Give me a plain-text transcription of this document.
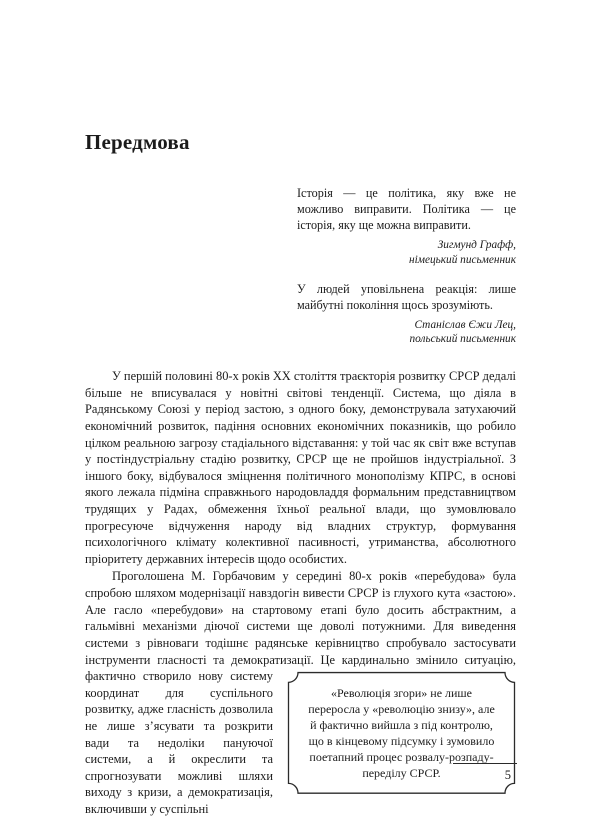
Передмова

Історія — це політика, яку вже не можливо виправити. Політика — це історія, яку ще можна виправити.

Зигмунд Графф,
німецький письменник

У людей уповільнена реакція: лише майбутні покоління щось зрозуміють.

Станіслав Єжи Лец,
польський письменник

У першій половині 80-х років XX століття траєкторія розвитку СРСР дедалі більше не вписувалася у новітні світові тенденції. Система, що діяла в Радянському Союзі у період застою, з одного боку, демонструвала затухаючий економічний розвиток, падіння основних економічних показників, що робило цілком реальною загрозу стадіального відставання: у той час як світ вже вступав у постіндустріальну стадію розвитку, СРСР ще не пройшов індустріальної. З іншого боку, відбувалося зміцнення політичного монополізму КПРС, в основі якого лежала підміна справжнього народовладдя формальним представництвом трудящих у Радах, обмеження їхньої реальної влади, що зумовлювало прогресуюче відчуження народу від владних структур, формування психологічного клімату колективної пасивності, утриманства, абсолютного пріоритету державних інтересів щодо особистих.

Проголошена М. Горбачовим у середині 80-х років «перебудова» була спробою шляхом модернізації навздогін вивести СРСР із глухого кута «застою». Але гасло «перебудови» на стартовому етапі було досить абстрактним, а гальмівні механізми діючої системи ще доволі потужними. Для виведення системи з рівноваги тодішнє радянське керівництво спробувало застосувати інструменти гласності та демократизації. Це кардинально змінило ситуацію,
«Революція згори» не лише переросла у «революцію знизу», але й фактично вийшла з під контролю, що в кінцевому підсумку і зумовило поетапний процес розвалу-розпаду-переділу СРСР.
фактично створило нову систему координат для суспільного розвитку, адже гласність дозволила не лише з’ясувати та розкрити вади та недоліки пануючої системи, а й окреслити та спрогнозувати можливі шляхи виходу з кризи, а демократизація, включивши у суспільні

5
